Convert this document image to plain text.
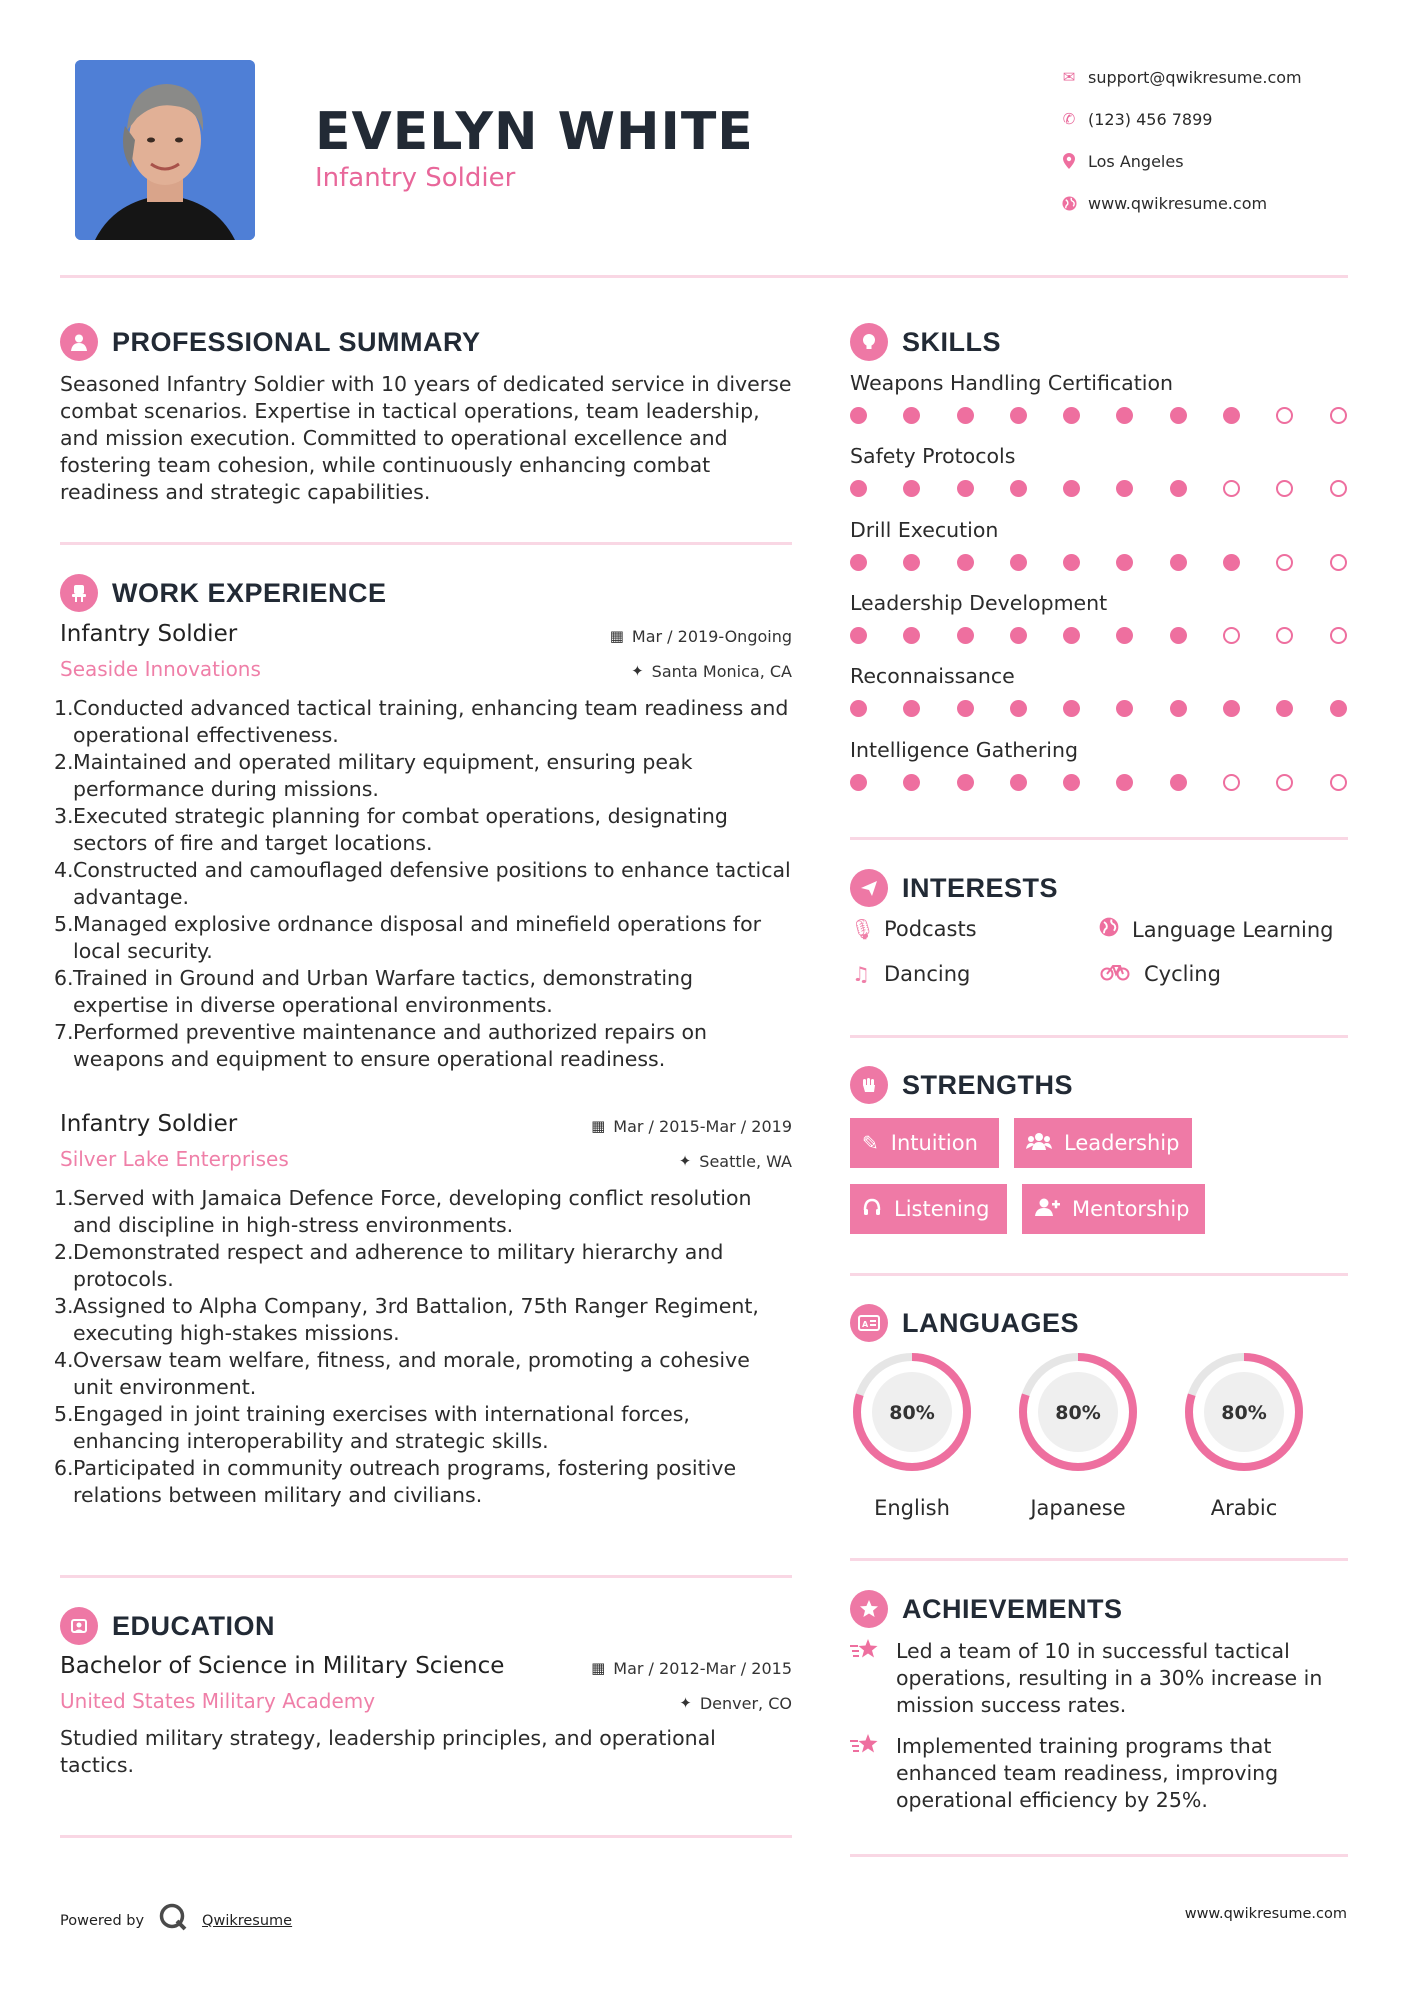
EVELYN WHITE
Infantry Soldier
✉ support@qwikresume.com
✆ (123) 456 7899
Los Angeles
www.qwikresume.com
PROFESSIONAL SUMMARY
Seasoned Infantry Soldier with 10 years of dedicated service in diverse combat scenarios. Expertise in tactical operations, team leadership, and mission execution. Committed to operational excellence and fostering team cohesion, while continuously enhancing combat readiness and strategic capabilities.
WORK EXPERIENCE
Infantry Soldier	▦ Mar / 2019-Ongoing
Seaside Innovations	✦ Santa Monica, CA
1. Conducted advanced tactical training, enhancing team readiness and operational effectiveness.
2. Maintained and operated military equipment, ensuring peak performance during missions.
3. Executed strategic planning for combat operations, designating sectors of fire and target locations.
4. Constructed and camouflaged defensive positions to enhance tactical advantage.
5. Managed explosive ordnance disposal and minefield operations for local security.
6. Trained in Ground and Urban Warfare tactics, demonstrating expertise in diverse operational environments.
7. Performed preventive maintenance and authorized repairs on weapons and equipment to ensure operational readiness.
Infantry Soldier	▦ Mar / 2015-Mar / 2019
Silver Lake Enterprises	✦ Seattle, WA
1. Served with Jamaica Defence Force, developing conflict resolution and discipline in high-stress environments.
2. Demonstrated respect and adherence to military hierarchy and protocols.
3. Assigned to Alpha Company, 3rd Battalion, 75th Ranger Regiment, executing high-stakes missions.
4. Oversaw team welfare, fitness, and morale, promoting a cohesive unit environment.
5. Engaged in joint training exercises with international forces, enhancing interoperability and strategic skills.
6. Participated in community outreach programs, fostering positive relations between military and civilians.
EDUCATION
Bachelor of Science in Military Science	▦ Mar / 2012-Mar / 2015
United States Military Academy	✦ Denver, CO
Studied military strategy, leadership principles, and operational tactics.
SKILLS
Weapons Handling Certification
Safety Protocols
Drill Execution
Leadership Development
Reconnaissance
Intelligence Gathering
INTERESTS
🎙︎ Podcasts	Language Learning
♫ Dancing	Cycling
STRENGTHS
✎ Intuition	Leadership
Listening	Mentorship
A LANGUAGES
80%
English
80%
Japanese
80%
Arabic
ACHIEVEMENTS
Led a team of 10 in successful tactical operations, resulting in a 30% increase in mission success rates.
Implemented training programs that enhanced team readiness, improving operational efficiency by 25%.
Powered by	Qwikresume	www.qwikresume.com
